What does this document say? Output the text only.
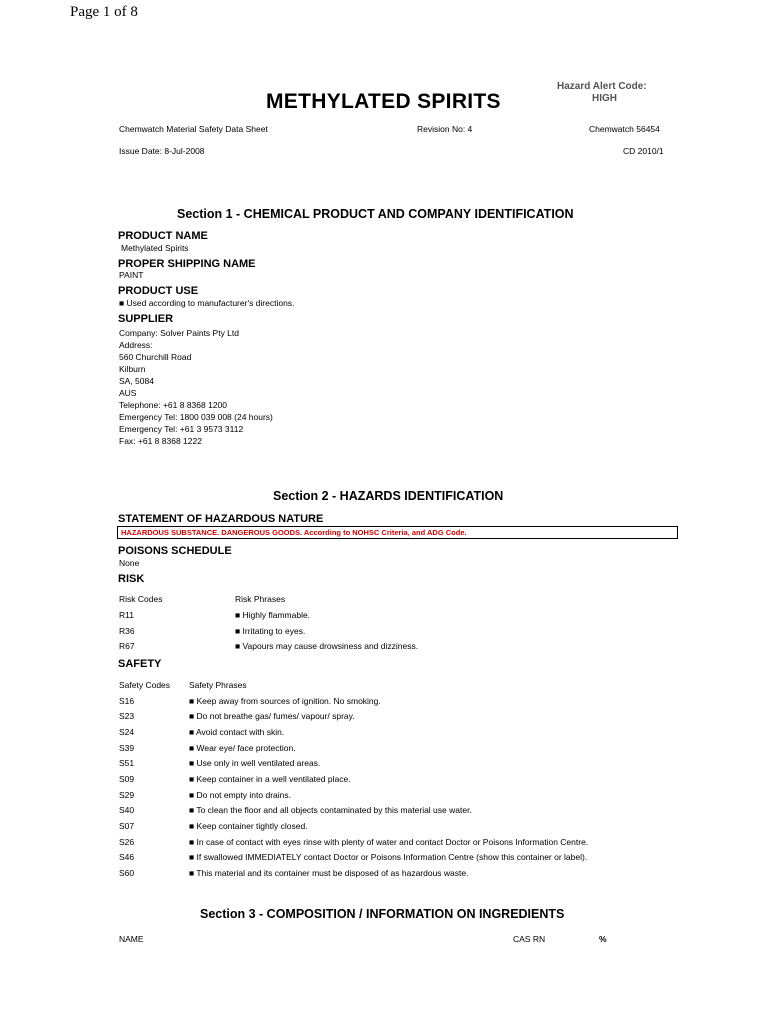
Page 1 of 8
Hazard Alert Code:
HIGH
METHYLATED SPIRITS
Chemwatch Material Safety Data Sheet	Revision No: 4	Chemwatch 56454
Issue Date: 8-Jul-2008	CD 2010/1
Section 1 - CHEMICAL PRODUCT AND COMPANY IDENTIFICATION
PRODUCT NAME
Methylated Spirits
PROPER SHIPPING NAME
PAINT
PRODUCT USE
■ Used according to manufacturer's directions.
SUPPLIER
Company: Solver Paints Pty Ltd
Address:
560 Churchill Road
Kilburn
SA, 5084
AUS
Telephone: +61 8 8368 1200
Emergency Tel: 1800 039 008 (24 hours)
Emergency Tel: +61 3 9573 3112
Fax: +61 8 8368 1222
Section 2 - HAZARDS IDENTIFICATION
STATEMENT OF HAZARDOUS NATURE
HAZARDOUS SUBSTANCE. DANGEROUS GOODS. According to NOHSC Criteria, and ADG Code.
POISONS SCHEDULE
None
RISK
Risk Codes	Risk Phrases
R11	■ Highly flammable.
R36	■ Irritating to eyes.
R67	■ Vapours may cause drowsiness and dizziness.
SAFETY
Safety Codes Safety Phrases
S16	■ Keep away from sources of ignition. No smoking.
S23	■ Do not breathe gas/ fumes/ vapour/ spray.
S24	■ Avoid contact with skin.
S39	■ Wear eye/ face protection.
S51	■ Use only in well ventilated areas.
S09	■ Keep container in a well ventilated place.
S29	■ Do not empty into drains.
S40	■ To clean the floor and all objects contaminated by this material use water.
S07	■ Keep container tightly closed.
S26	■ In case of contact with eyes rinse with plenty of water and contact Doctor or Poisons Information Centre.
S46	■ If swallowed IMMEDIATELY contact Doctor or Poisons Information Centre (show this container or label).
S60	■ This material and its container must be disposed of as hazardous waste.
Section 3 - COMPOSITION / INFORMATION ON INGREDIENTS
NAME	CAS RN	%
